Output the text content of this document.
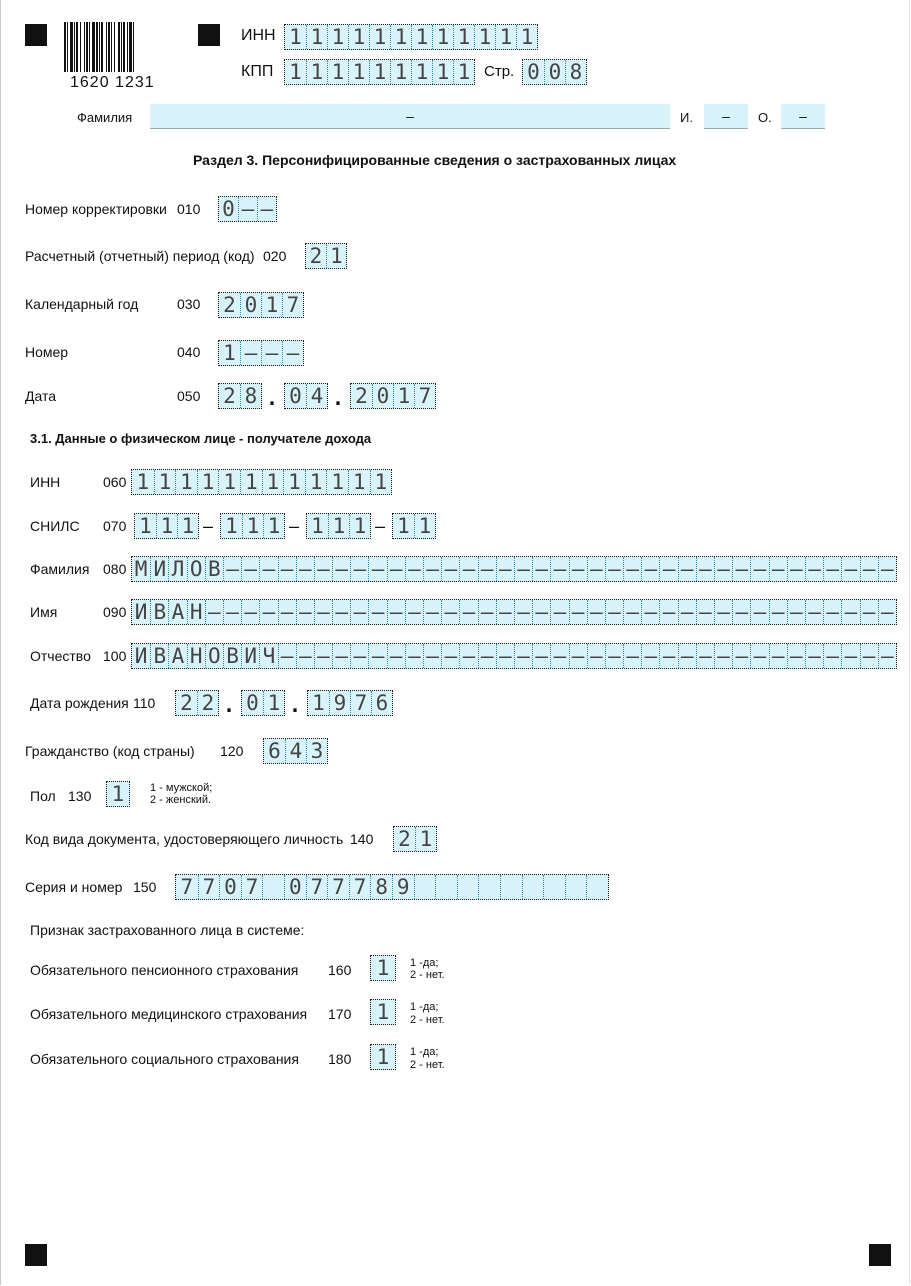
1620 1231
ИНН 1 1 1 1 1 1 1 1 1 1 1 1
КПП 1 1 1 1 1 1 1 1 1 Стр. 0 0 8
Фамилия	–	И.	–	О.	–
Раздел 3. Персонифицированные сведения о застрахованных лицах
Номер корректировки 010 0 – –
Расчетный (отчетный) период (код) 020 2 1
Календарный год	030 2 0 1 7
Номер	040 1 – – –
Дата	050 2 8 . 0 4 . 2 0 1 7
3.1. Данные о физическом лице - получателе дохода
ИНН	060 1 1 1 1 1 1 1 1 1 1 1 1
СНИЛС 070 1 1 1 – 1 1 1 – 1 1 1 – 1 1
Фамилия 080 М И Л О В – – – – – – – – – – – – – – – – – – – – – – – – – – – – – – – – – – – – –
Имя	090 И В А Н – – – – – – – – – – – – – – – – – – – – – – – – – – – – – – – – – – – – – –
Отчество 100 И В А Н О В И Ч – – – – – – – – – – – – – – – – – – – – – – – – – – – – – – – – – –
Дата рождения 110 2 2 . 0 1 . 1 9 7 6
Гражданство (код страны) 120 6 4 3
Пол 130 1	1 - мужской;
2 - женский.
Код вида документа, удостоверяющего личность 140 2 1
Серия и номер 150 7 7 0 7 0 7 7 7 8 9
Признак застрахованного лица в системе:
Обязательного пенсионного страхования 160 1	1 -да;
2 - нет.
Обязательного медицинского страхования 170 1	1 -да;
2 - нет.
Обязательного социального страхования 180 1	1 -да;
2 - нет.
